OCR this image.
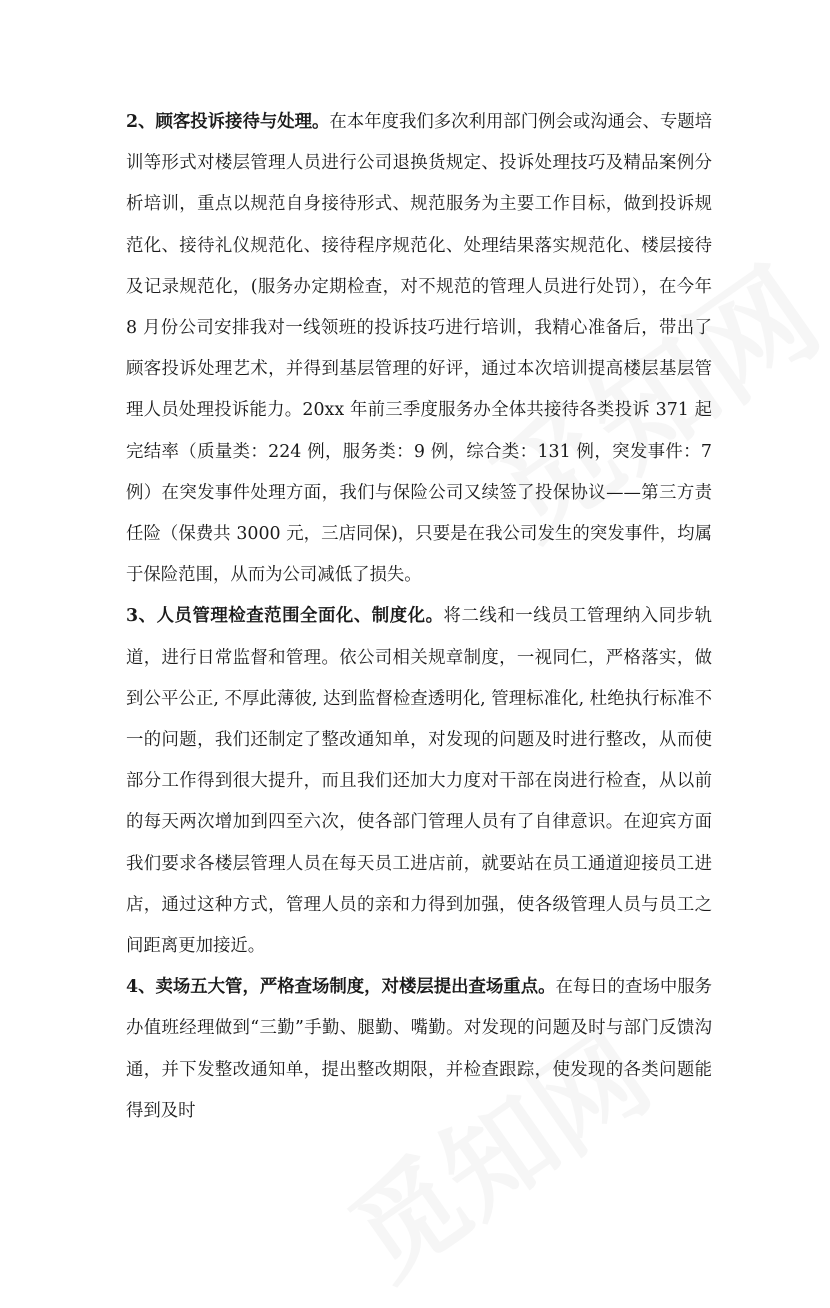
2、顾客投诉接待与处理。在本年度我们多次利用部门例会或沟通会、专题培训等形式对楼层管理人员进行公司退换货规定、投诉处理技巧及精品案例分析培训，重点以规范自身接待形式、规范服务为主要工作目标，做到投诉规范化、接待礼仪规范化、接待程序规范化、处理结果落实规范化、楼层接待及记录规范化，(服务办定期检查，对不规范的管理人员进行处罚），在今年 8 月份公司安排我对一线领班的投诉技巧进行培训，我精心准备后，带出了顾客投诉处理艺术，并得到基层管理的好评，通过本次培训提高楼层基层管理人员处理投诉能力。20xx 年前三季度服务办全体共接待各类投诉 371 起完结率（质量类：224 例，服务类：9 例，综合类：131 例，突发事件：7 例）在突发事件处理方面，我们与保险公司又续签了投保协议——第三方责任险（保费共 3000 元，三店同保)，只要是在我公司发生的突发事件，均属于保险范围，从而为公司减低了损失。

3、人员管理检查范围全面化、制度化。将二线和一线员工管理纳入同步轨道，进行日常监督和管理。依公司相关规章制度，一视同仁，严格落实，做到公平公正, 不厚此薄彼, 达到监督检查透明化, 管理标准化, 杜绝执行标准不一的问题，我们还制定了整改通知单，对发现的问题及时进行整改，从而使部分工作得到很大提升，而且我们还加大力度对干部在岗进行检查，从以前的每天两次增加到四至六次，使各部门管理人员有了自律意识。在迎宾方面我们要求各楼层管理人员在每天员工进店前，就要站在员工通道迎接员工进店，通过这种方式，管理人员的亲和力得到加强，使各级管理人员与员工之间距离更加接近。

4、卖场五大管，严格查场制度，对楼层提出查场重点。在每日的查场中服务办值班经理做到“三勤”手勤、腿勤、嘴勤。对发现的问题及时与部门反馈沟通，并下发整改通知单，提出整改期限，并检查跟踪，使发现的各类问题能得到及时
